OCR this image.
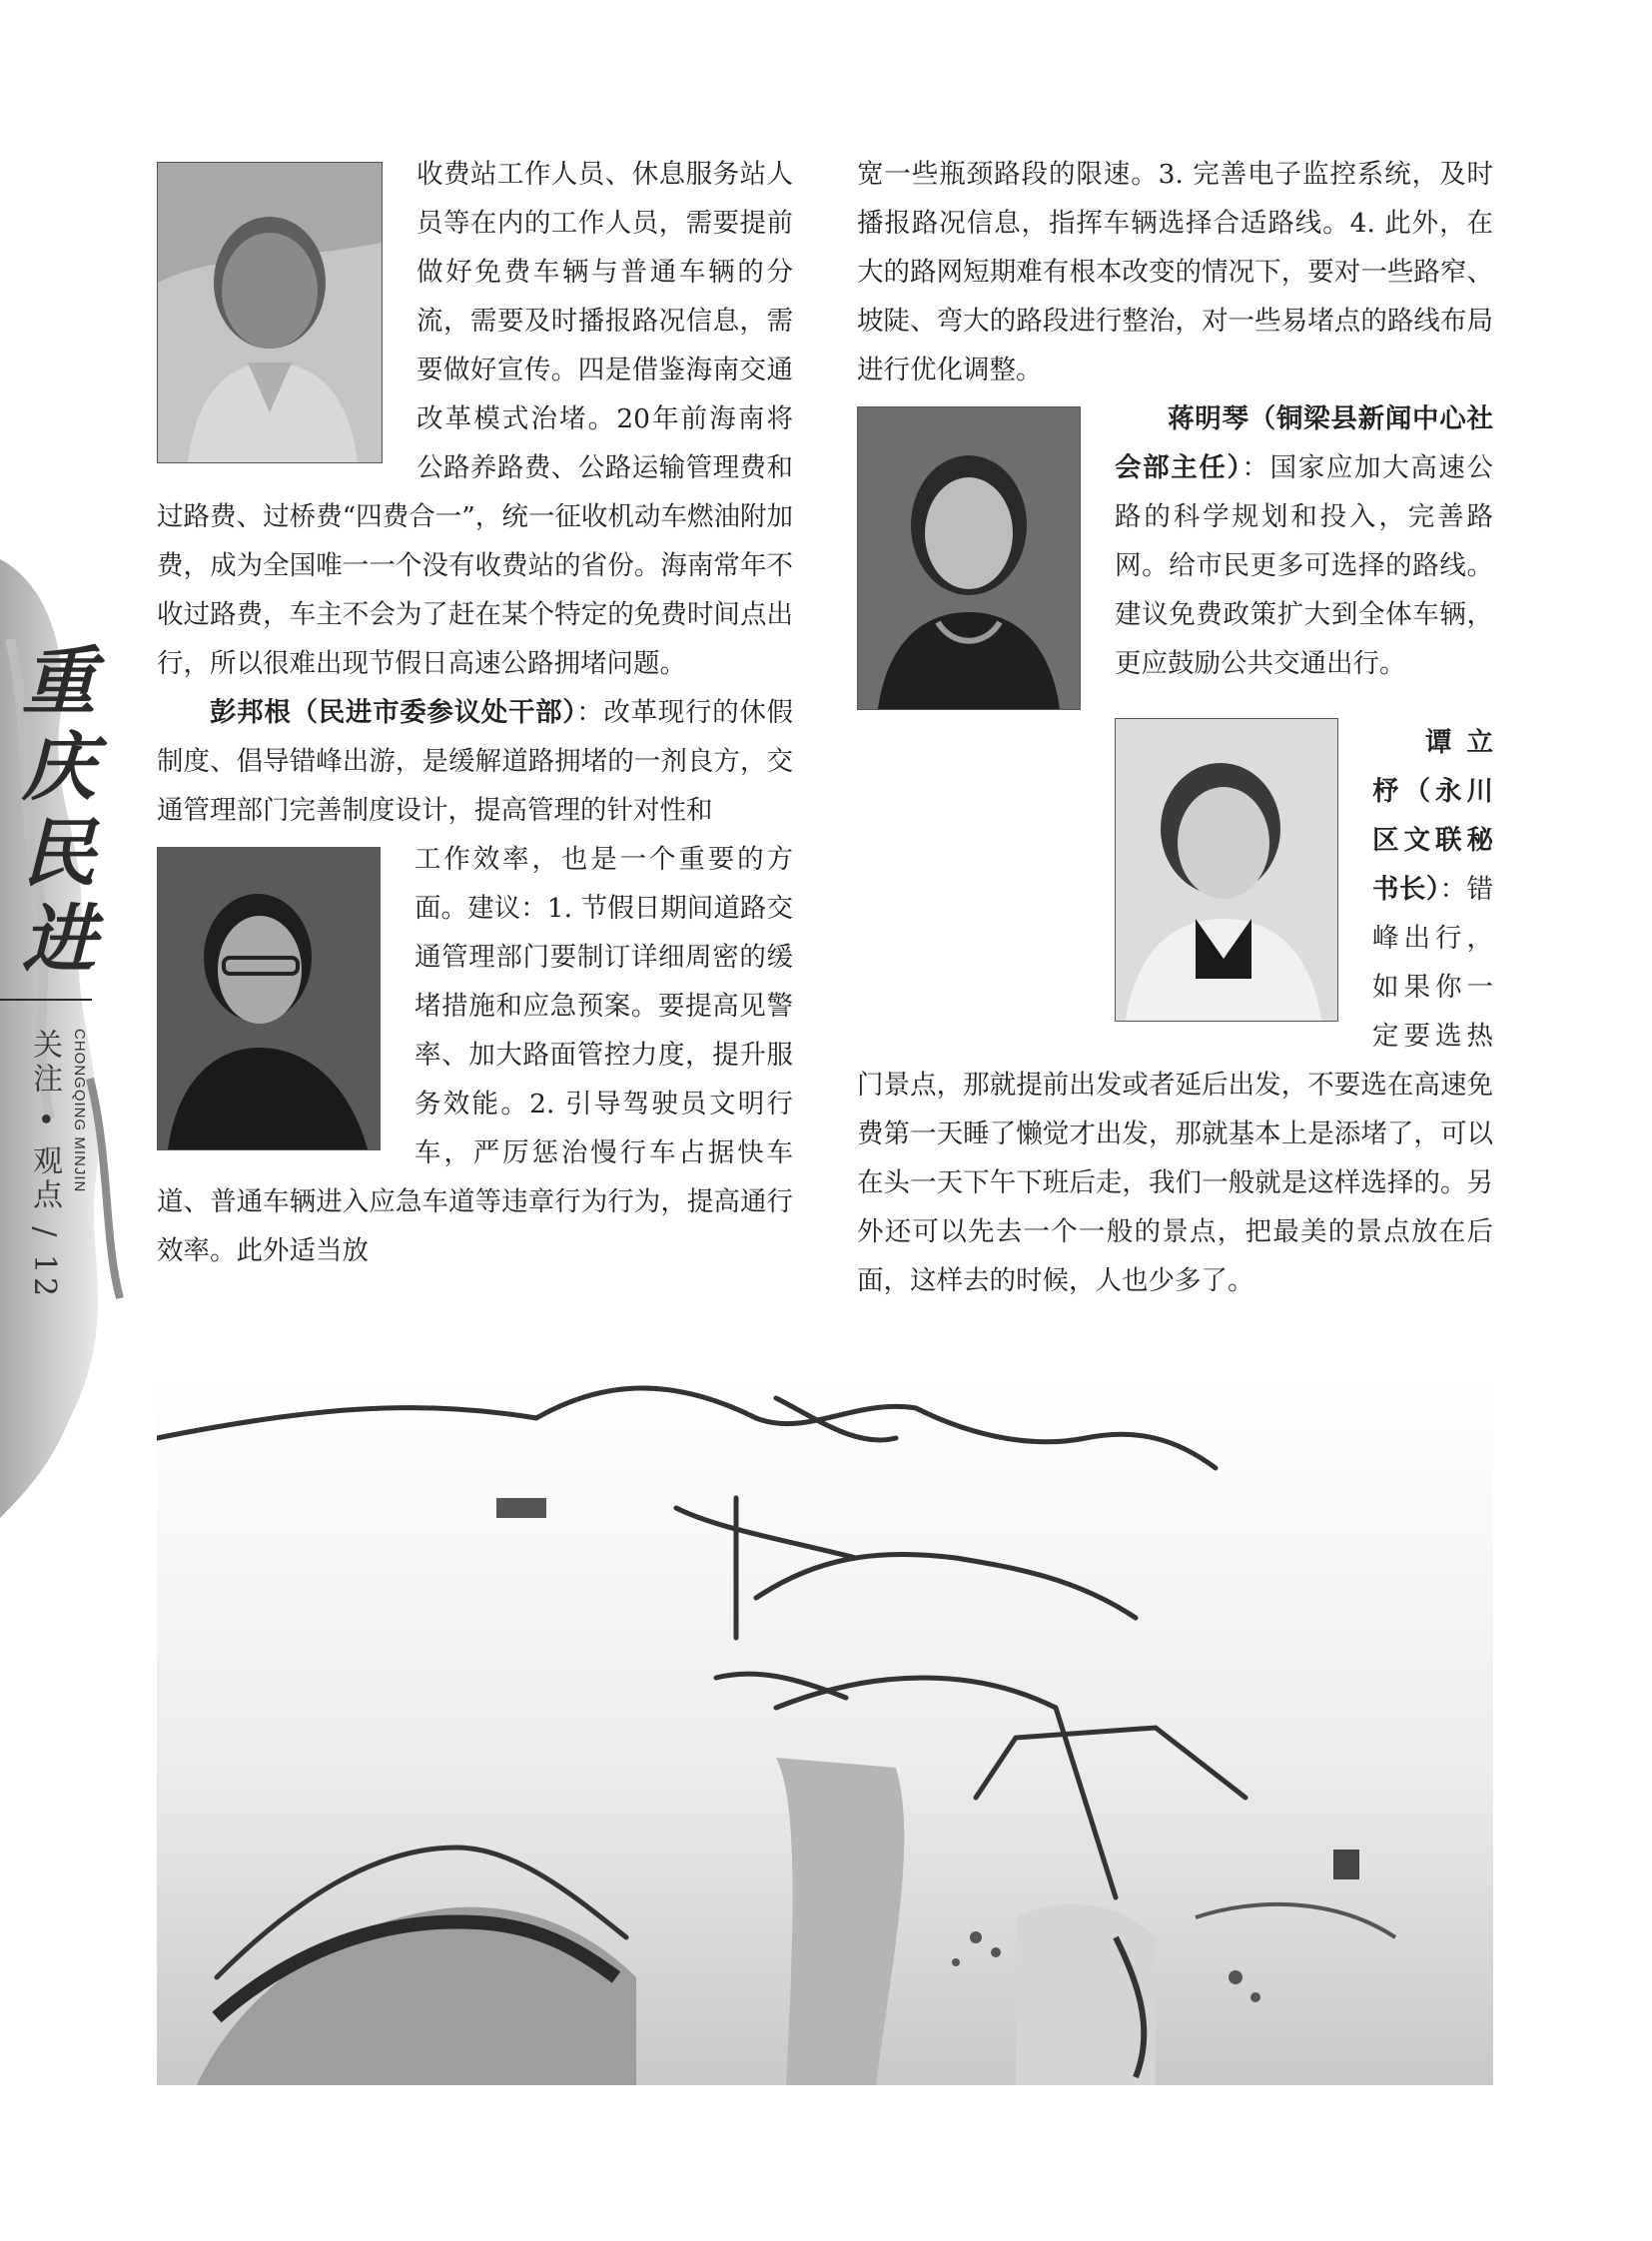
重
庆
民
进
关注 • 观点 / 12 CHONGQING MINJIN

收费站工作人员、休息服务站人员等在内的工作人员，需要提前做好免费车辆与普通车辆的分流，需要及时播报路况信息，需要做好宣传。四是借鉴海南交通改革模式治堵。20年前海南将公路养路费、公路运输管理费和过路费、过桥费“四费合一”，统一征收机动车燃油附加费，成为全国唯一一个没有收费站的省份。海南常年不收过路费，车主不会为了赶在某个特定的免费时间点出行，所以很难出现节假日高速公路拥堵问题。

彭邦根（民进市委参议处干部）：改革现行的休假制度、倡导错峰出游，是缓解道路拥堵的一剂良方，交通管理部门完善制度设计，提高管理的针对性和

工作效率，也是一个重要的方面。建议：1. 节假日期间道路交通管理部门要制订详细周密的缓堵措施和应急预案。要提高见警率、加大路面管控力度，提升服务效能。2. 引导驾驶员文明行车，严厉惩治慢行车占据快车道、普通车辆进入应急车道等违章行为行为，提高通行效率。此外适当放

宽一些瓶颈路段的限速。3. 完善电子监控系统，及时播报路况信息，指挥车辆选择合适路线。4. 此外，在大的路网短期难有根本改变的情况下，要对一些路窄、坡陡、弯大的路段进行整治，对一些易堵点的路线布局进行优化调整。

蒋明琴（铜梁县新闻中心社会部主任）：国家应加大高速公路的科学规划和投入，完善路网。给市民更多可选择的路线。建议免费政策扩大到全体车辆，更应鼓励公共交通出行。

谭立杼（永川区文联秘书长）：错峰出行，如果你一定要选热门景点，那就提前出发或者延后出发，不要选在高速免费第一天睡了懒觉才出发，那就基本上是添堵了，可以在头一天下午下班后走，我们一般就是这样选择的。另外还可以先去一个一般的景点，把最美的景点放在后面，这样去的时候，人也少多了。
